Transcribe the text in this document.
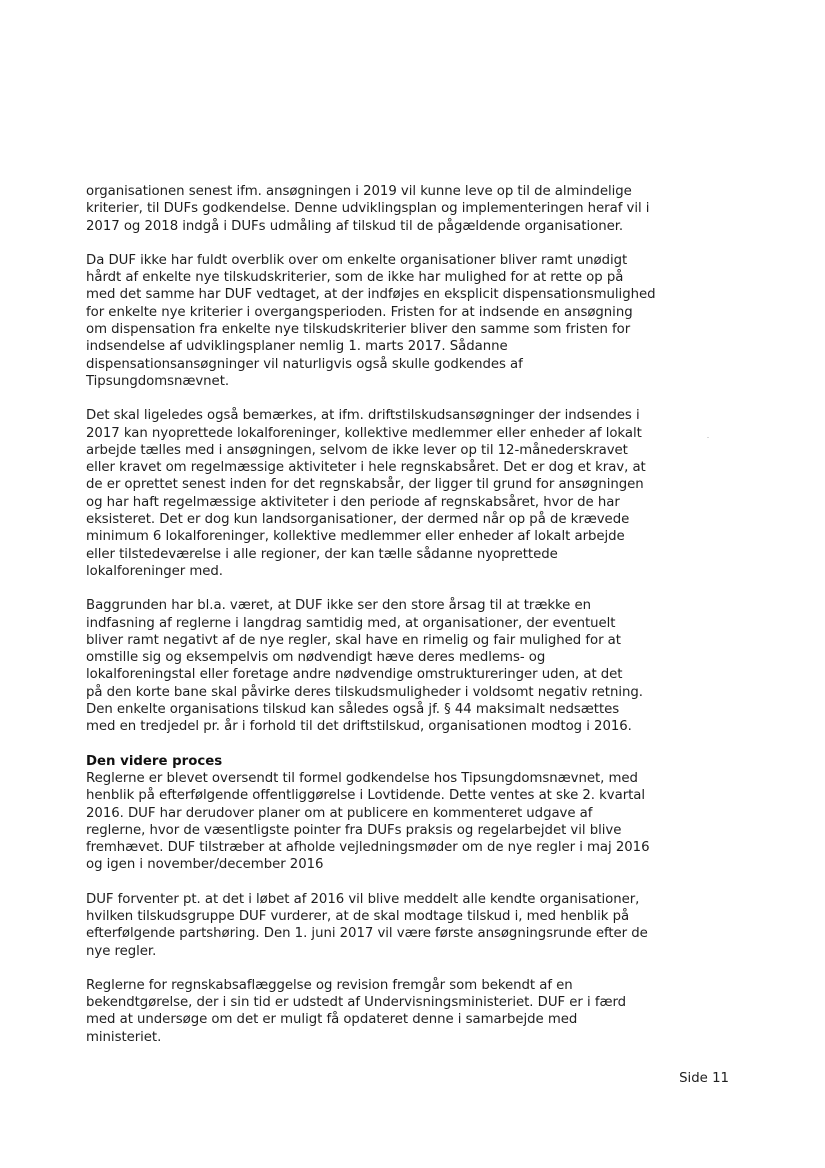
organisationen senest ifm. ansøgningen i 2019 vil kunne leve op til de almindelige
kriterier, til DUFs godkendelse. Denne udviklingsplan og implementeringen heraf vil i
2017 og 2018 indgå i DUFs udmåling af tilskud til de pågældende organisationer.

Da DUF ikke har fuldt overblik over om enkelte organisationer bliver ramt unødigt
hårdt af enkelte nye tilskudskriterier, som de ikke har mulighed for at rette op på
med det samme har DUF vedtaget, at der indføjes en eksplicit dispensationsmulighed
for enkelte nye kriterier i overgangsperioden. Fristen for at indsende en ansøgning
om dispensation fra enkelte nye tilskudskriterier bliver den samme som fristen for
indsendelse af udviklingsplaner nemlig 1. marts 2017. Sådanne
dispensationsansøgninger vil naturligvis også skulle godkendes af
Tipsungdomsnævnet.

Det skal ligeledes også bemærkes, at ifm. driftstilskudsansøgninger der indsendes i
2017 kan nyoprettede lokalforeninger, kollektive medlemmer eller enheder af lokalt
arbejde tælles med i ansøgningen, selvom de ikke lever op til 12-månederskravet
eller kravet om regelmæssige aktiviteter i hele regnskabsåret. Det er dog et krav, at
de er oprettet senest inden for det regnskabsår, der ligger til grund for ansøgningen
og har haft regelmæssige aktiviteter i den periode af regnskabsåret, hvor de har
eksisteret. Det er dog kun landsorganisationer, der dermed når op på de krævede
minimum 6 lokalforeninger, kollektive medlemmer eller enheder af lokalt arbejde
eller tilstedeværelse i alle regioner, der kan tælle sådanne nyoprettede
lokalforeninger med.

Baggrunden har bl.a. været, at DUF ikke ser den store årsag til at trække en
indfasning af reglerne i langdrag samtidig med, at organisationer, der eventuelt
bliver ramt negativt af de nye regler, skal have en rimelig og fair mulighed for at
omstille sig og eksempelvis om nødvendigt hæve deres medlems- og
lokalforeningstal eller foretage andre nødvendige omstruktureringer uden, at det
på den korte bane skal påvirke deres tilskudsmuligheder i voldsomt negativ retning.
Den enkelte organisations tilskud kan således også jf. § 44 maksimalt nedsættes
med en tredjedel pr. år i forhold til det driftstilskud, organisationen modtog i 2016.

Den videre proces

Reglerne er blevet oversendt til formel godkendelse hos Tipsungdomsnævnet, med
henblik på efterfølgende offentliggørelse i Lovtidende. Dette ventes at ske 2. kvartal
2016. DUF har derudover planer om at publicere en kommenteret udgave af
reglerne, hvor de væsentligste pointer fra DUFs praksis og regelarbejdet vil blive
fremhævet. DUF tilstræber at afholde vejledningsmøder om de nye regler i maj 2016
og igen i november/december 2016

DUF forventer pt. at det i løbet af 2016 vil blive meddelt alle kendte organisationer,
hvilken tilskudsgruppe DUF vurderer, at de skal modtage tilskud i, med henblik på
efterfølgende partshøring. Den 1. juni 2017 vil være første ansøgningsrunde efter de
nye regler.

Reglerne for regnskabsaflæggelse og revision fremgår som bekendt af en
bekendtgørelse, der i sin tid er udstedt af Undervisningsministeriet. DUF er i færd
med at undersøge om det er muligt få opdateret denne i samarbejde med
ministeriet.

Side 11
